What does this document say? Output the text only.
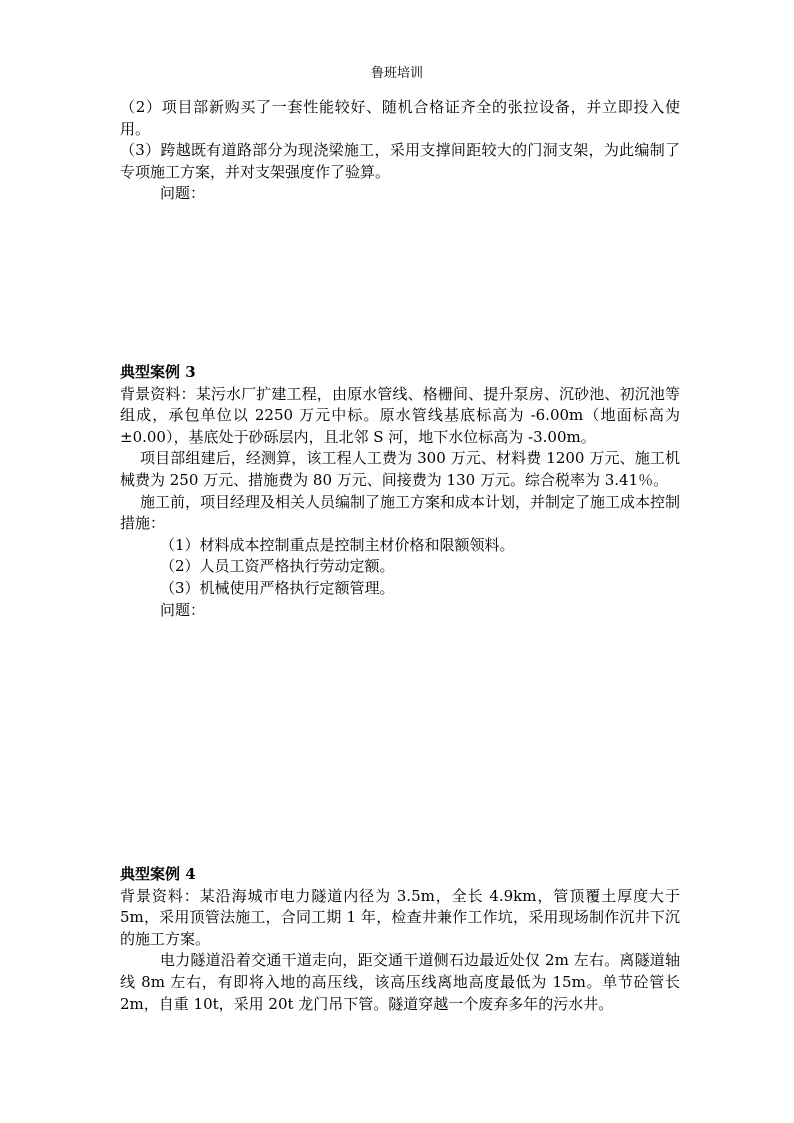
鲁班培训

（2）项目部新购买了一套性能较好、随机合格证齐全的张拉设备，并立即投入使用。

（3）跨越既有道路部分为现浇梁施工，采用支撑间距较大的门洞支架，为此编制了专项施工方案，并对支架强度作了验算。

问题：

典型案例 3

背景资料：某污水厂扩建工程，由原水管线、格栅间、提升泵房、沉砂池、初沉池等组成，承包单位以 2250 万元中标。原水管线基底标高为 -6.00m（地面标高为±0.00），基底处于砂砾层内，且北邻 S 河，地下水位标高为 -3.00m。

项目部组建后，经测算，该工程人工费为 300 万元、材料费 1200 万元、施工机械费为 250 万元、措施费为 80 万元、间接费为 130 万元。综合税率为 3.41％。

施工前，项目经理及相关人员编制了施工方案和成本计划，并制定了施工成本控制措施：

（1）材料成本控制重点是控制主材价格和限额领料。

（2）人员工资严格执行劳动定额。

（3）机械使用严格执行定额管理。

问题：

典型案例 4

背景资料：某沿海城市电力隧道内径为 3.5m，全长 4.9km，管顶覆土厚度大于 5m，采用顶管法施工，合同工期 1 年，检查井兼作工作坑，采用现场制作沉井下沉的施工方案。

电力隧道沿着交通干道走向，距交通干道侧石边最近处仅 2m 左右。离隧道轴线 8m 左右，有即将入地的高压线，该高压线离地高度最低为 15m。单节砼管长 2m，自重 10t，采用 20t 龙门吊下管。隧道穿越一个废弃多年的污水井。
